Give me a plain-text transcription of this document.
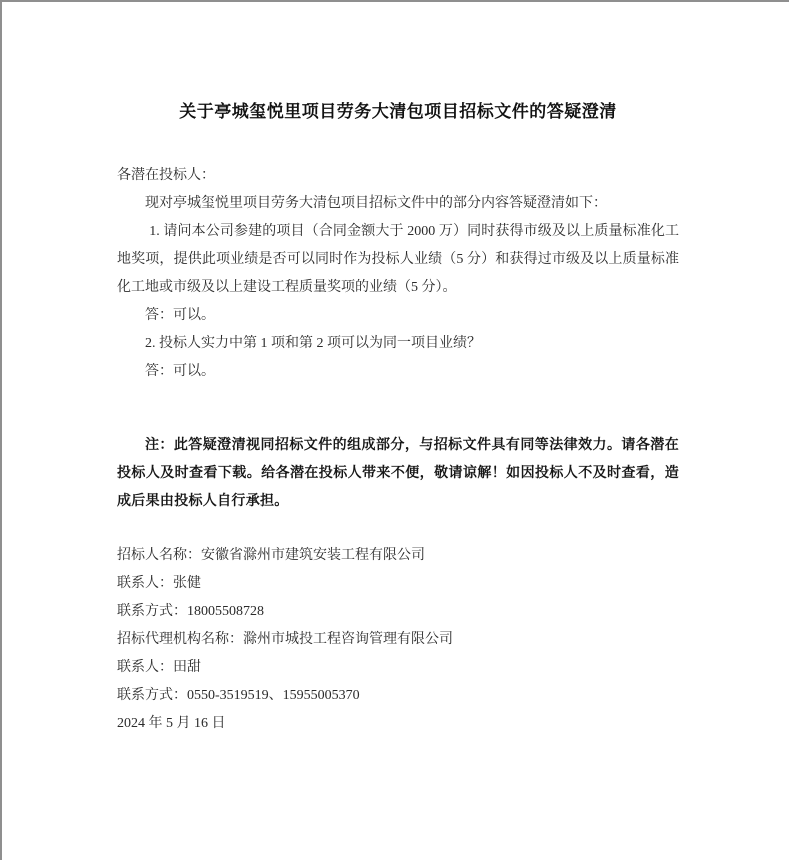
关于亭城玺悦里项目劳务大清包项目招标文件的答疑澄清

各潜在投标人：

现对亭城玺悦里项目劳务大清包项目招标文件中的部分内容答疑澄清如下：

1. 请问本公司参建的项目（合同金额大于 2000 万）同时获得市级及以上质量标准化工地奖项，提供此项业绩是否可以同时作为投标人业绩（5 分）和获得过市级及以上质量标准化工地或市级及以上建设工程质量奖项的业绩（5 分）。

答：可以。

2. 投标人实力中第 1 项和第 2 项可以为同一项目业绩？

答：可以。

注：此答疑澄清视同招标文件的组成部分，与招标文件具有同等法律效力。请各潜在投标人及时查看下载。给各潜在投标人带来不便，敬请谅解！如因投标人不及时查看，造成后果由投标人自行承担。

招标人名称：安徽省滁州市建筑安装工程有限公司

联系人：张健

联系方式：18005508728

招标代理机构名称：滁州市城投工程咨询管理有限公司

联系人：田甜

联系方式：0550-3519519、15955005370

2024 年 5 月 16 日
